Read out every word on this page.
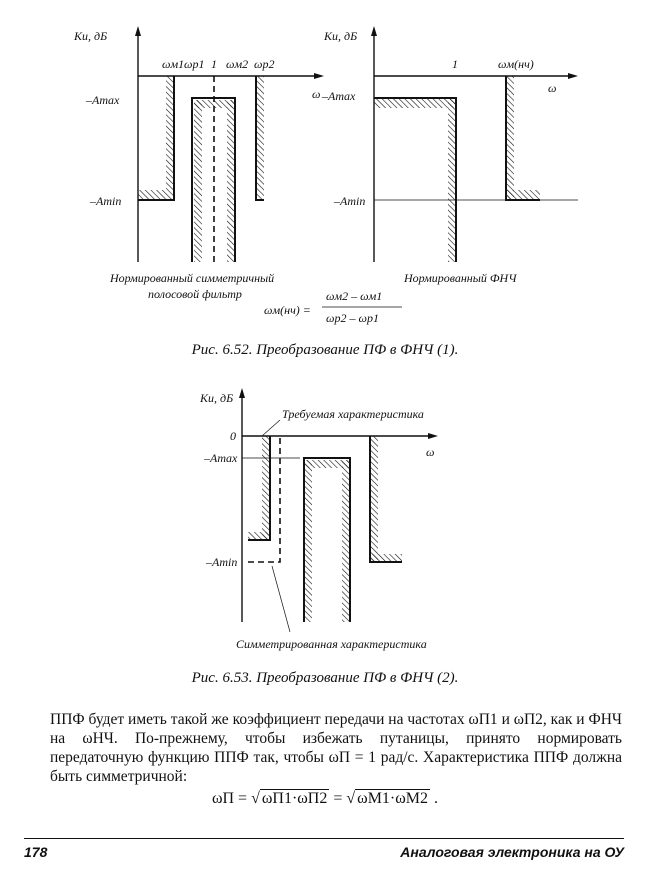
Kи, дБ
ωм1 ωр1 1 ωм2 ωр2
ω
–Amax
–Amin
Нормированный симметричный
полосовой фильтр
Kи, дБ
1	ωм(нч)
ω
–Amax
–Amin
Нормированный ФНЧ
ωм(нч) =
ωм2 – ωм1
ωр2 – ωр1
Рис. 6.52. Преобразование ПФ в ФНЧ (1).
Kи, дБ
0
–Amax
–Amin
ω
Требуемая характеристика
Симметрированная характеристика
Рис. 6.53. Преобразование ПФ в ФНЧ (2).
ППФ будет иметь такой же коэффициент передачи на частотах ωП1 и ωП2, как и ФНЧ на ωНЧ. По-прежнему, чтобы избежать путаницы, принято нормировать передаточную функцию ППФ так, чтобы ωП = 1 рад/с. Характеристика ППФ должна быть симметричной:
ωП = √ ωП1·ωП2 = √ ωМ1·ωМ2 .
178	Аналоговая электроника на ОУ
